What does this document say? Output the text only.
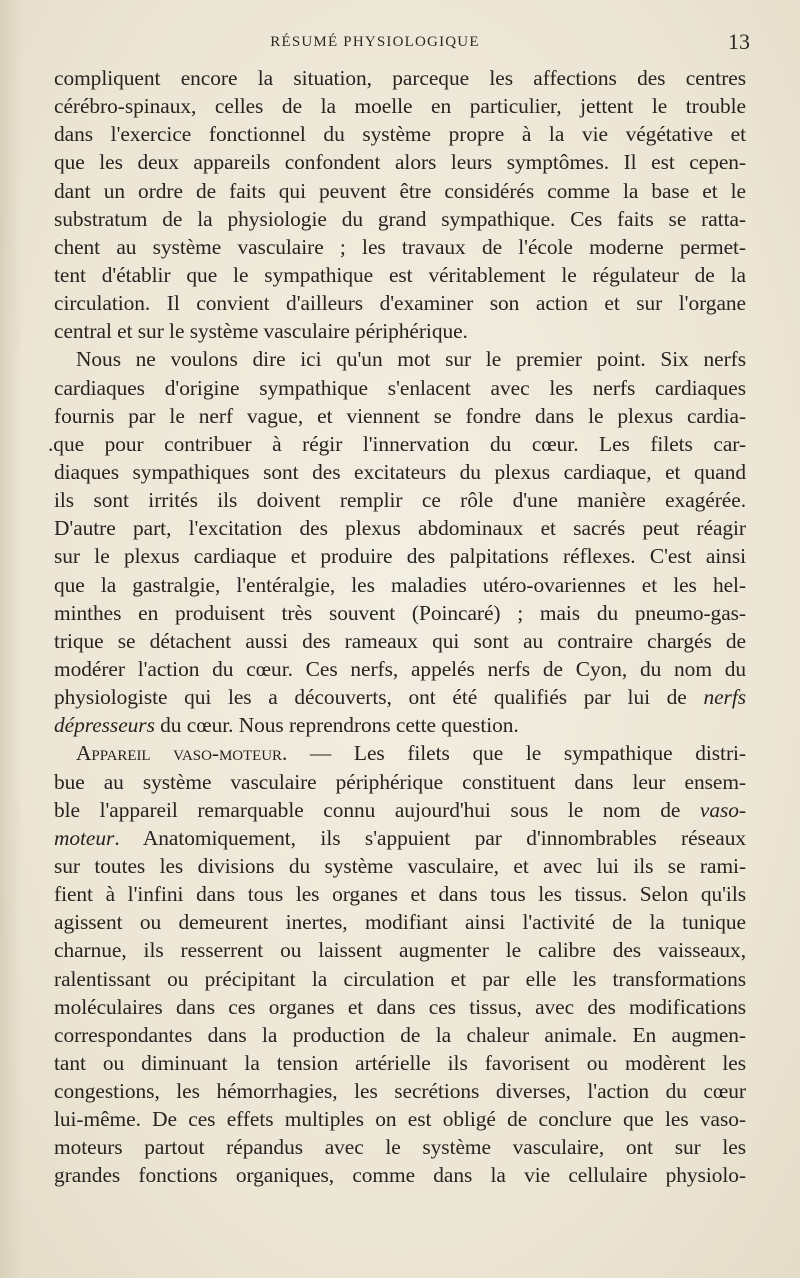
RÉSUMÉ PHYSIOLOGIQUE	13
compliquent encore la situation, parceque les affections des centres
cérébro-spinaux, celles de la moelle en particulier, jettent le trouble
dans l'exercice fonctionnel du système propre à la vie végétative et
que les deux appareils confondent alors leurs symptômes. Il est cepen-
dant un ordre de faits qui peuvent être considérés comme la base et le
substratum de la physiologie du grand sympathique. Ces faits se ratta-
chent au système vasculaire ; les travaux de l'école moderne permet-
tent d'établir que le sympathique est véritablement le régulateur de la
circulation. Il convient d'ailleurs d'examiner son action et sur l'organe
central et sur le système vasculaire périphérique.
Nous ne voulons dire ici qu'un mot sur le premier point. Six nerfs
cardiaques d'origine sympathique s'enlacent avec les nerfs cardiaques
fournis par le nerf vague, et viennent se fondre dans le plexus cardia-
.que pour contribuer à régir l'innervation du cœur. Les filets car-
diaques sympathiques sont des excitateurs du plexus cardiaque, et quand
ils sont irrités ils doivent remplir ce rôle d'une manière exagérée.
D'autre part, l'excitation des plexus abdominaux et sacrés peut réagir
sur le plexus cardiaque et produire des palpitations réflexes. C'est ainsi
que la gastralgie, l'entéralgie, les maladies utéro-ovariennes et les hel-
minthes en produisent très souvent (Poincaré) ; mais du pneumo-gas-
trique se détachent aussi des rameaux qui sont au contraire chargés de
modérer l'action du cœur. Ces nerfs, appelés nerfs de Cyon, du nom du
physiologiste qui les a découverts, ont été qualifiés par lui de nerfs
dépresseurs du cœur. Nous reprendrons cette question.
Appareil vaso-moteur. — Les filets que le sympathique distri-
bue au système vasculaire périphérique constituent dans leur ensem-
ble l'appareil remarquable connu aujourd'hui sous le nom de vaso-
moteur. Anatomiquement, ils s'appuient par d'innombrables réseaux
sur toutes les divisions du système vasculaire, et avec lui ils se rami-
fient à l'infini dans tous les organes et dans tous les tissus. Selon qu'ils
agissent ou demeurent inertes, modifiant ainsi l'activité de la tunique
charnue, ils resserrent ou laissent augmenter le calibre des vaisseaux,
ralentissant ou précipitant la circulation et par elle les transformations
moléculaires dans ces organes et dans ces tissus, avec des modifications
correspondantes dans la production de la chaleur animale. En augmen-
tant ou diminuant la tension artérielle ils favorisent ou modèrent les
congestions, les hémorrhagies, les secrétions diverses, l'action du cœur
lui-même. De ces effets multiples on est obligé de conclure que les vaso-
moteurs partout répandus avec le système vasculaire, ont sur les
grandes fonctions organiques, comme dans la vie cellulaire physiolo-
